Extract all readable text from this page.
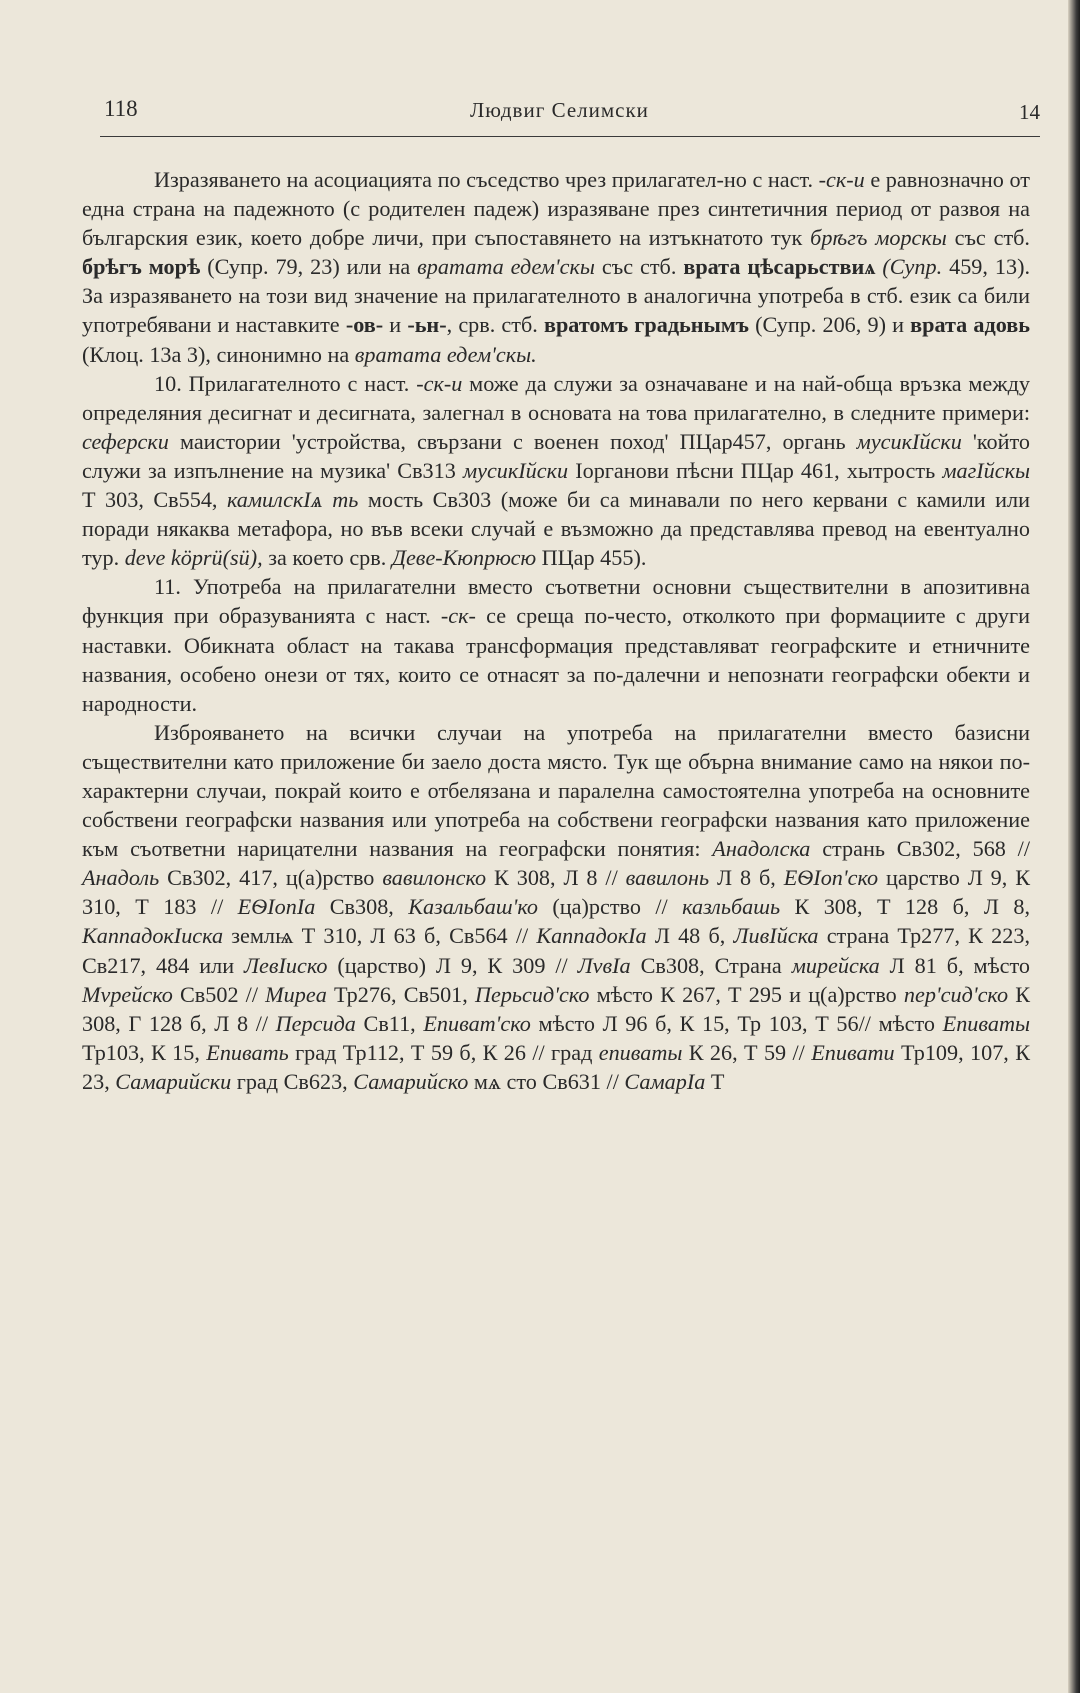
118	Людвиг Селимски	14

Изразяването на асоциацията по съседство чрез прилагател-но с наст. -ск-и е равнозначно от една страна на падежното (с родителен падеж) изразяване през синтетичния период от развоя на българския език, което добре личи, при съпоставянето на изтъкнатото тук брѣгъ морскы със стб. брѣгъ морѣ (Супр. 79, 23) или на вратата едем'скы със стб. врата цѣсарьствиѧ (Супр. 459, 13). За изразяването на този вид значение на прилагателното в аналогична употреба в стб. език са били употребявани и наставките -ов- и -ьн-, срв. стб. вратомъ градьнымъ (Супр. 206, 9) и врата адовь (Клоц. 13а 3), синонимно на вратата едем'скы.

10. Прилагателното с наст. -ск-и може да служи за означаване и на най-обща връзка между определяния десигнат и десигната, залегнал в основата на това прилагателно, в следните примери: сеферски маистории 'устройства, свързани с военен поход' ПЦар457, органь мусикIйски 'който служи за изпълнение на музика' Св313 мусикIйски Iорганови пѣсни ПЦар 461, хытрость магIйскы Т 303, Св554, камилскIѧ ть мость Св303 (може би са минавали по него кервани с камили или поради някаква метафора, но във всеки случай е възможно да представлява превод на евентуално тур. deve köprü(sü), за което срв. Деве-Кюпрюсю ПЦар 455).

11. Употреба на прилагателни вместо съответни основни съществителни в апозитивна функция при образуванията с наст. -ск- се среща по-често, отколкото при формациите с други наставки. Обикната област на такава трансформация представляват географските и етничните названия, особено онези от тях, които се отнасят за по-далечни и непознати географски обекти и народности.

Изброяването на всички случаи на употреба на прилагателни вместо базисни съществителни като приложение би заело доста място. Тук ще обърна внимание само на някои по-характерни случаи, покрай които е отбелязана и паралелна самостоятелна употреба на основните собствени географски названия или употреба на собствени географски названия като приложение към съответни нарицателни названия на географски понятия: Анадолска странь Св302, 568 // Анадоль Св302, 417, ц(а)рство вавилонско К 308, Л 8 // вавилонь Л 8 б, ЕѲIоп'ско царство Л 9, К 310, Т 183 // ЕѲIопIа Св308, Казальбаш'ко (ца)рство // казльбашь К 308, Т 128 б, Л 8, КаппадокIиска землѩ Т 310, Л 63 б, Св564 // КаппадокIа Л 48 б, ЛивIйска страна Тр277, К 223, Св217, 484 или ЛевIиско (царство) Л 9, К 309 // ЛvвIа Св308, Страна мирейска Л 81 б, мѣсто Мvрейско Св502 // Мирea Тр276, Св501, Перьсид'ско мѣсто К 267, Т 295 и ц(а)рство пер'сид'ско К 308, Г 128 б, Л 8 // Персида Св11, Епиват'ско мѣсто Л 96 б, К 15, Тр 103, Т 56// мѣсто Епиваты Тр103, К 15, Епивать град Тр112, Т 59 б, К 26 // град епиваты К 26, Т 59 // Епивати Тр109, 107, К 23, Самарийски град Св623, Самарийско мѧ сто Св631 // СамарIа Т
